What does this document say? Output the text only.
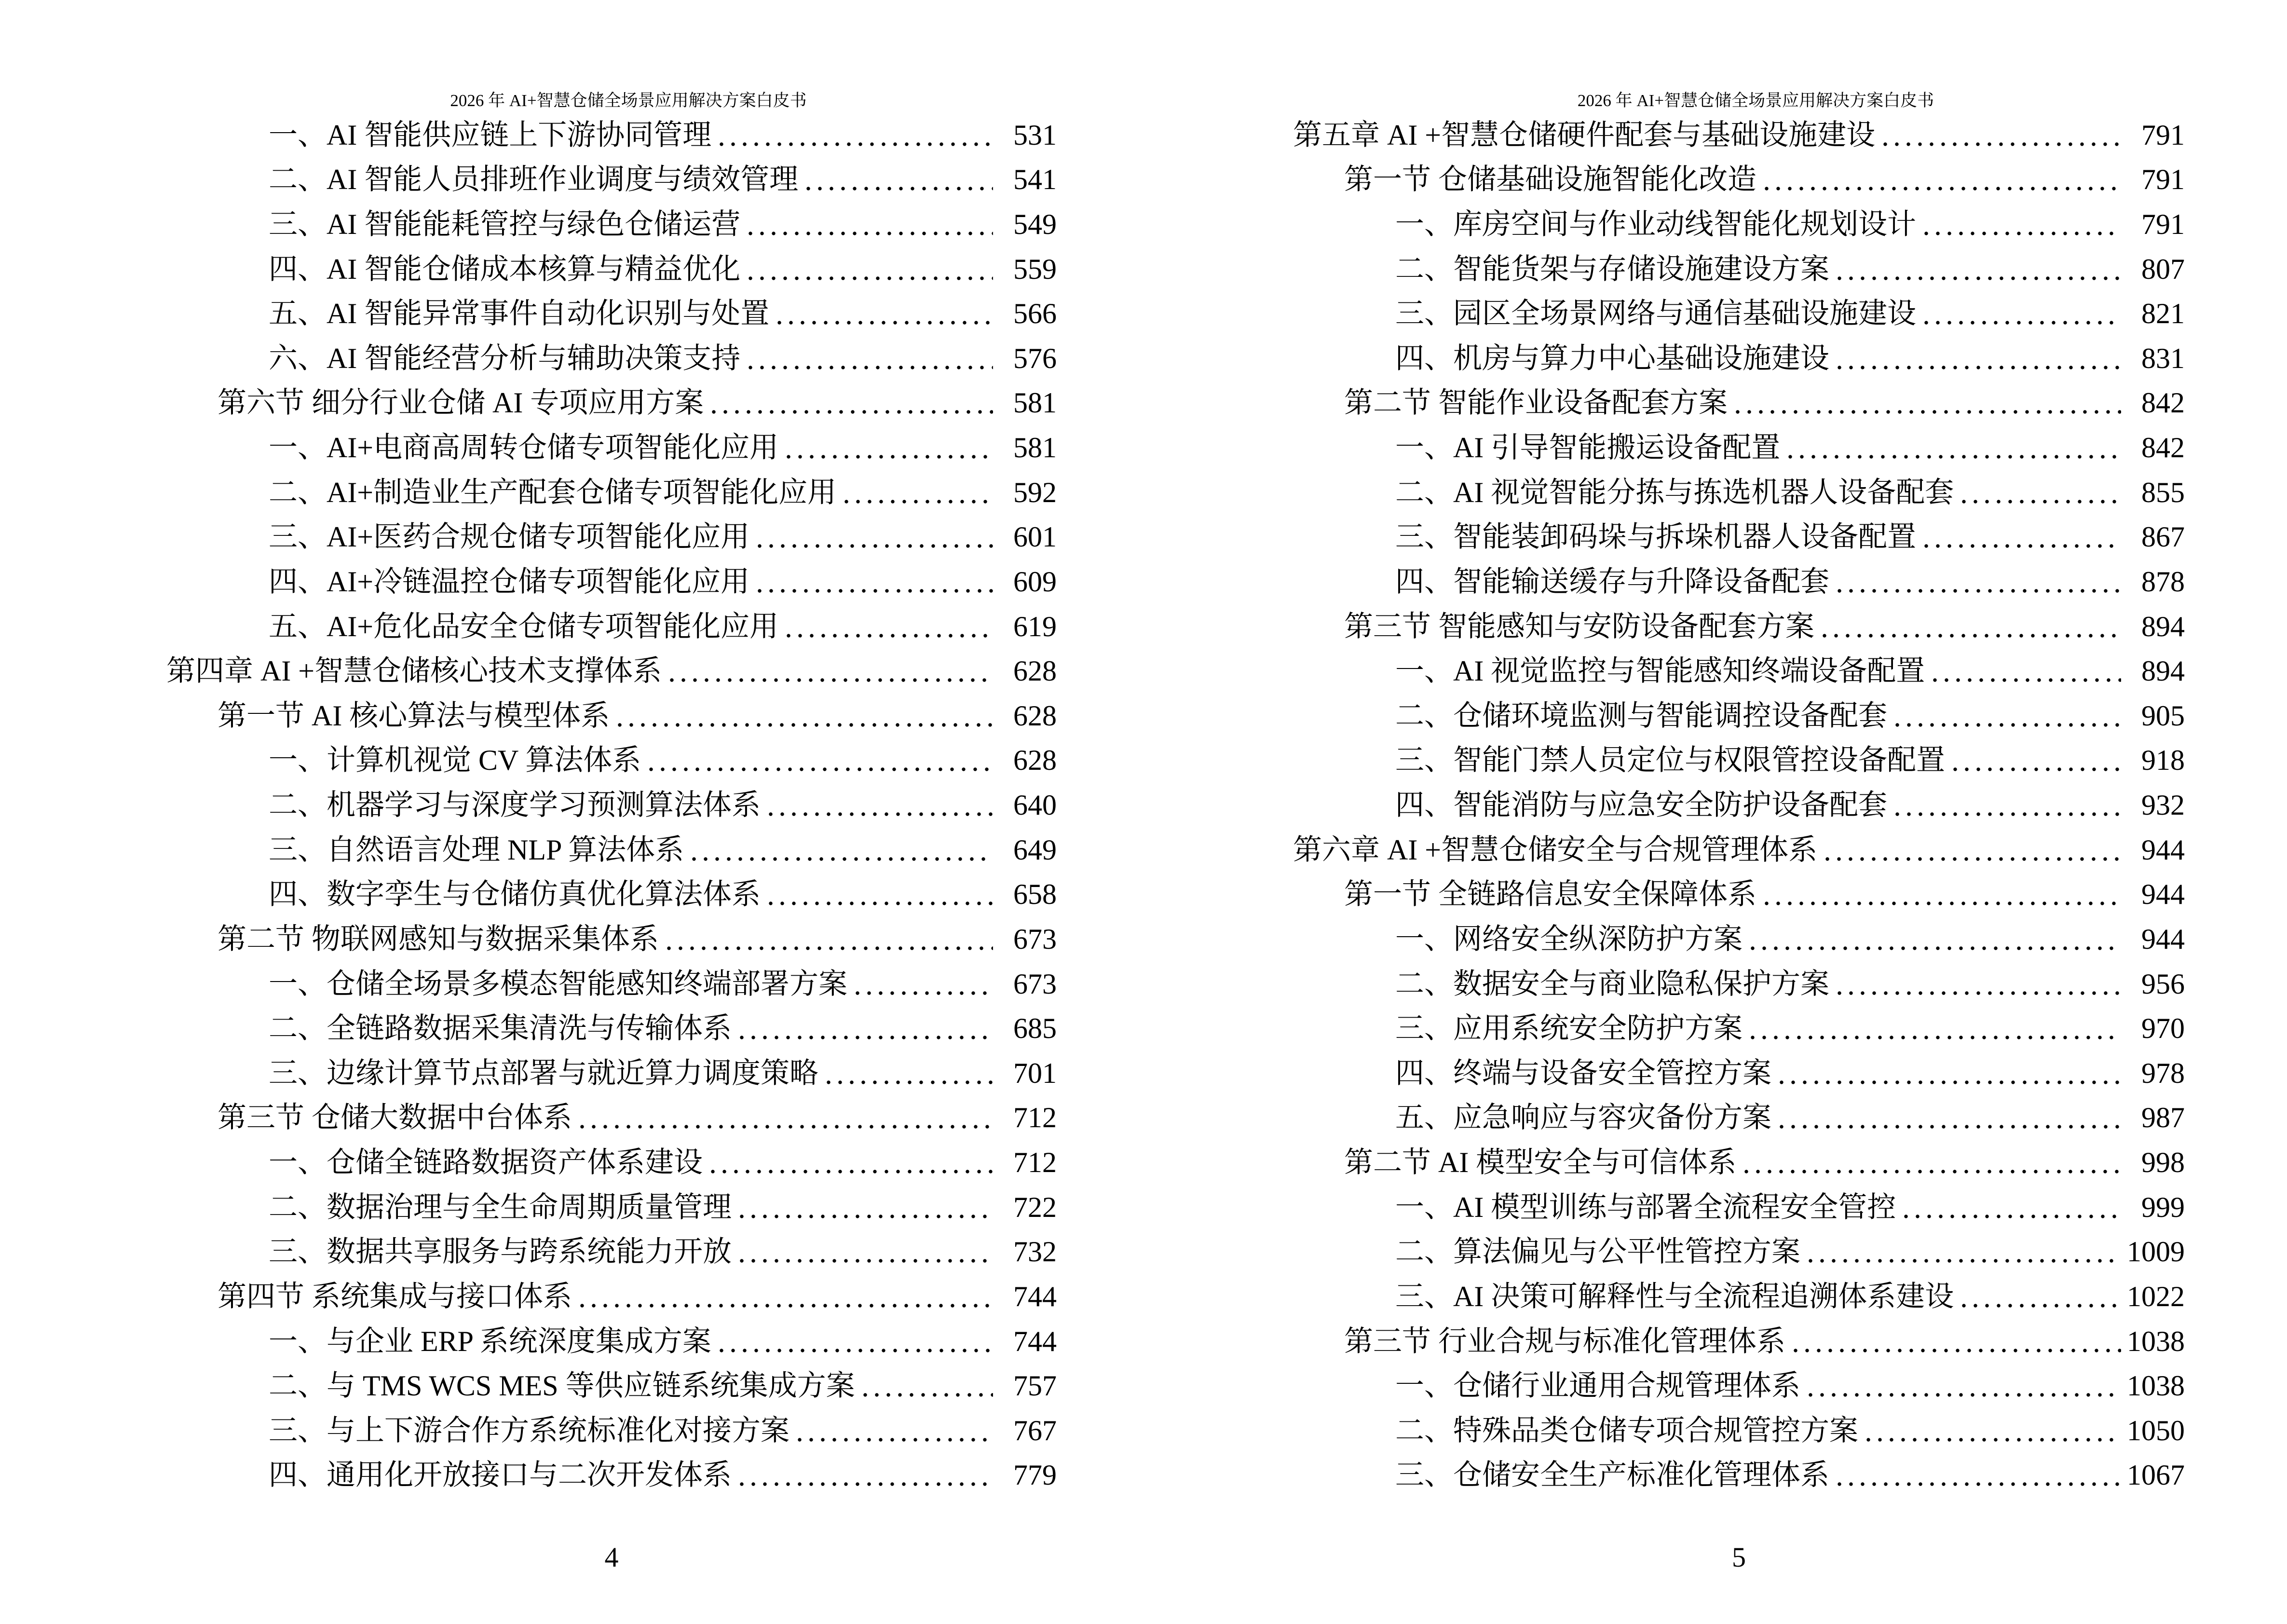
2026 年 AI+智慧仓储全场景应用解决方案白皮书

一、AI 智能供应链上下游协同管理	531
二、AI 智能人员排班作业调度与绩效管理	541
三、AI 智能能耗管控与绿色仓储运营	549
四、AI 智能仓储成本核算与精益优化	559
五、AI 智能异常事件自动化识别与处置	566
六、AI 智能经营分析与辅助决策支持	576
第六节 细分行业仓储 AI 专项应用方案	581
一、AI+电商高周转仓储专项智能化应用	581
二、AI+制造业生产配套仓储专项智能化应用	592
三、AI+医药合规仓储专项智能化应用	601
四、AI+冷链温控仓储专项智能化应用	609
五、AI+危化品安全仓储专项智能化应用	619
第四章 AI +智慧仓储核心技术支撑体系	628
第一节 AI 核心算法与模型体系	628
一、计算机视觉 CV 算法体系	628
二、机器学习与深度学习预测算法体系	640
三、自然语言处理 NLP 算法体系	649
四、数字孪生与仓储仿真优化算法体系	658
第二节 物联网感知与数据采集体系	673
一、仓储全场景多模态智能感知终端部署方案	673
二、全链路数据采集清洗与传输体系	685
三、边缘计算节点部署与就近算力调度策略	701
第三节 仓储大数据中台体系	712
一、仓储全链路数据资产体系建设	712
二、数据治理与全生命周期质量管理	722
三、数据共享服务与跨系统能力开放	732
第四节 系统集成与接口体系	744
一、与企业 ERP 系统深度集成方案	744
二、与 TMS WCS MES 等供应链系统集成方案	757
三、与上下游合作方系统标准化对接方案	767
四、通用化开放接口与二次开发体系	779
4

2026 年 AI+智慧仓储全场景应用解决方案白皮书

第五章 AI +智慧仓储硬件配套与基础设施建设	791
第一节 仓储基础设施智能化改造	791
一、库房空间与作业动线智能化规划设计	791
二、智能货架与存储设施建设方案	807
三、园区全场景网络与通信基础设施建设	821
四、机房与算力中心基础设施建设	831
第二节 智能作业设备配套方案	842
一、AI 引导智能搬运设备配置	842
二、AI 视觉智能分拣与拣选机器人设备配套	855
三、智能装卸码垛与拆垛机器人设备配置	867
四、智能输送缓存与升降设备配套	878
第三节 智能感知与安防设备配套方案	894
一、AI 视觉监控与智能感知终端设备配置	894
二、仓储环境监测与智能调控设备配套	905
三、智能门禁人员定位与权限管控设备配置	918
四、智能消防与应急安全防护设备配套	932
第六章 AI +智慧仓储安全与合规管理体系	944
第一节 全链路信息安全保障体系	944
一、网络安全纵深防护方案	944
二、数据安全与商业隐私保护方案	956
三、应用系统安全防护方案	970
四、终端与设备安全管控方案	978
五、应急响应与容灾备份方案	987
第二节 AI 模型安全与可信体系	998
一、AI 模型训练与部署全流程安全管控	999
二、算法偏见与公平性管控方案	1009
三、AI 决策可解释性与全流程追溯体系建设	1022
第三节 行业合规与标准化管理体系	1038
一、仓储行业通用合规管理体系	1038
二、特殊品类仓储专项合规管控方案	1050
三、仓储安全生产标准化管理体系	1067
5
